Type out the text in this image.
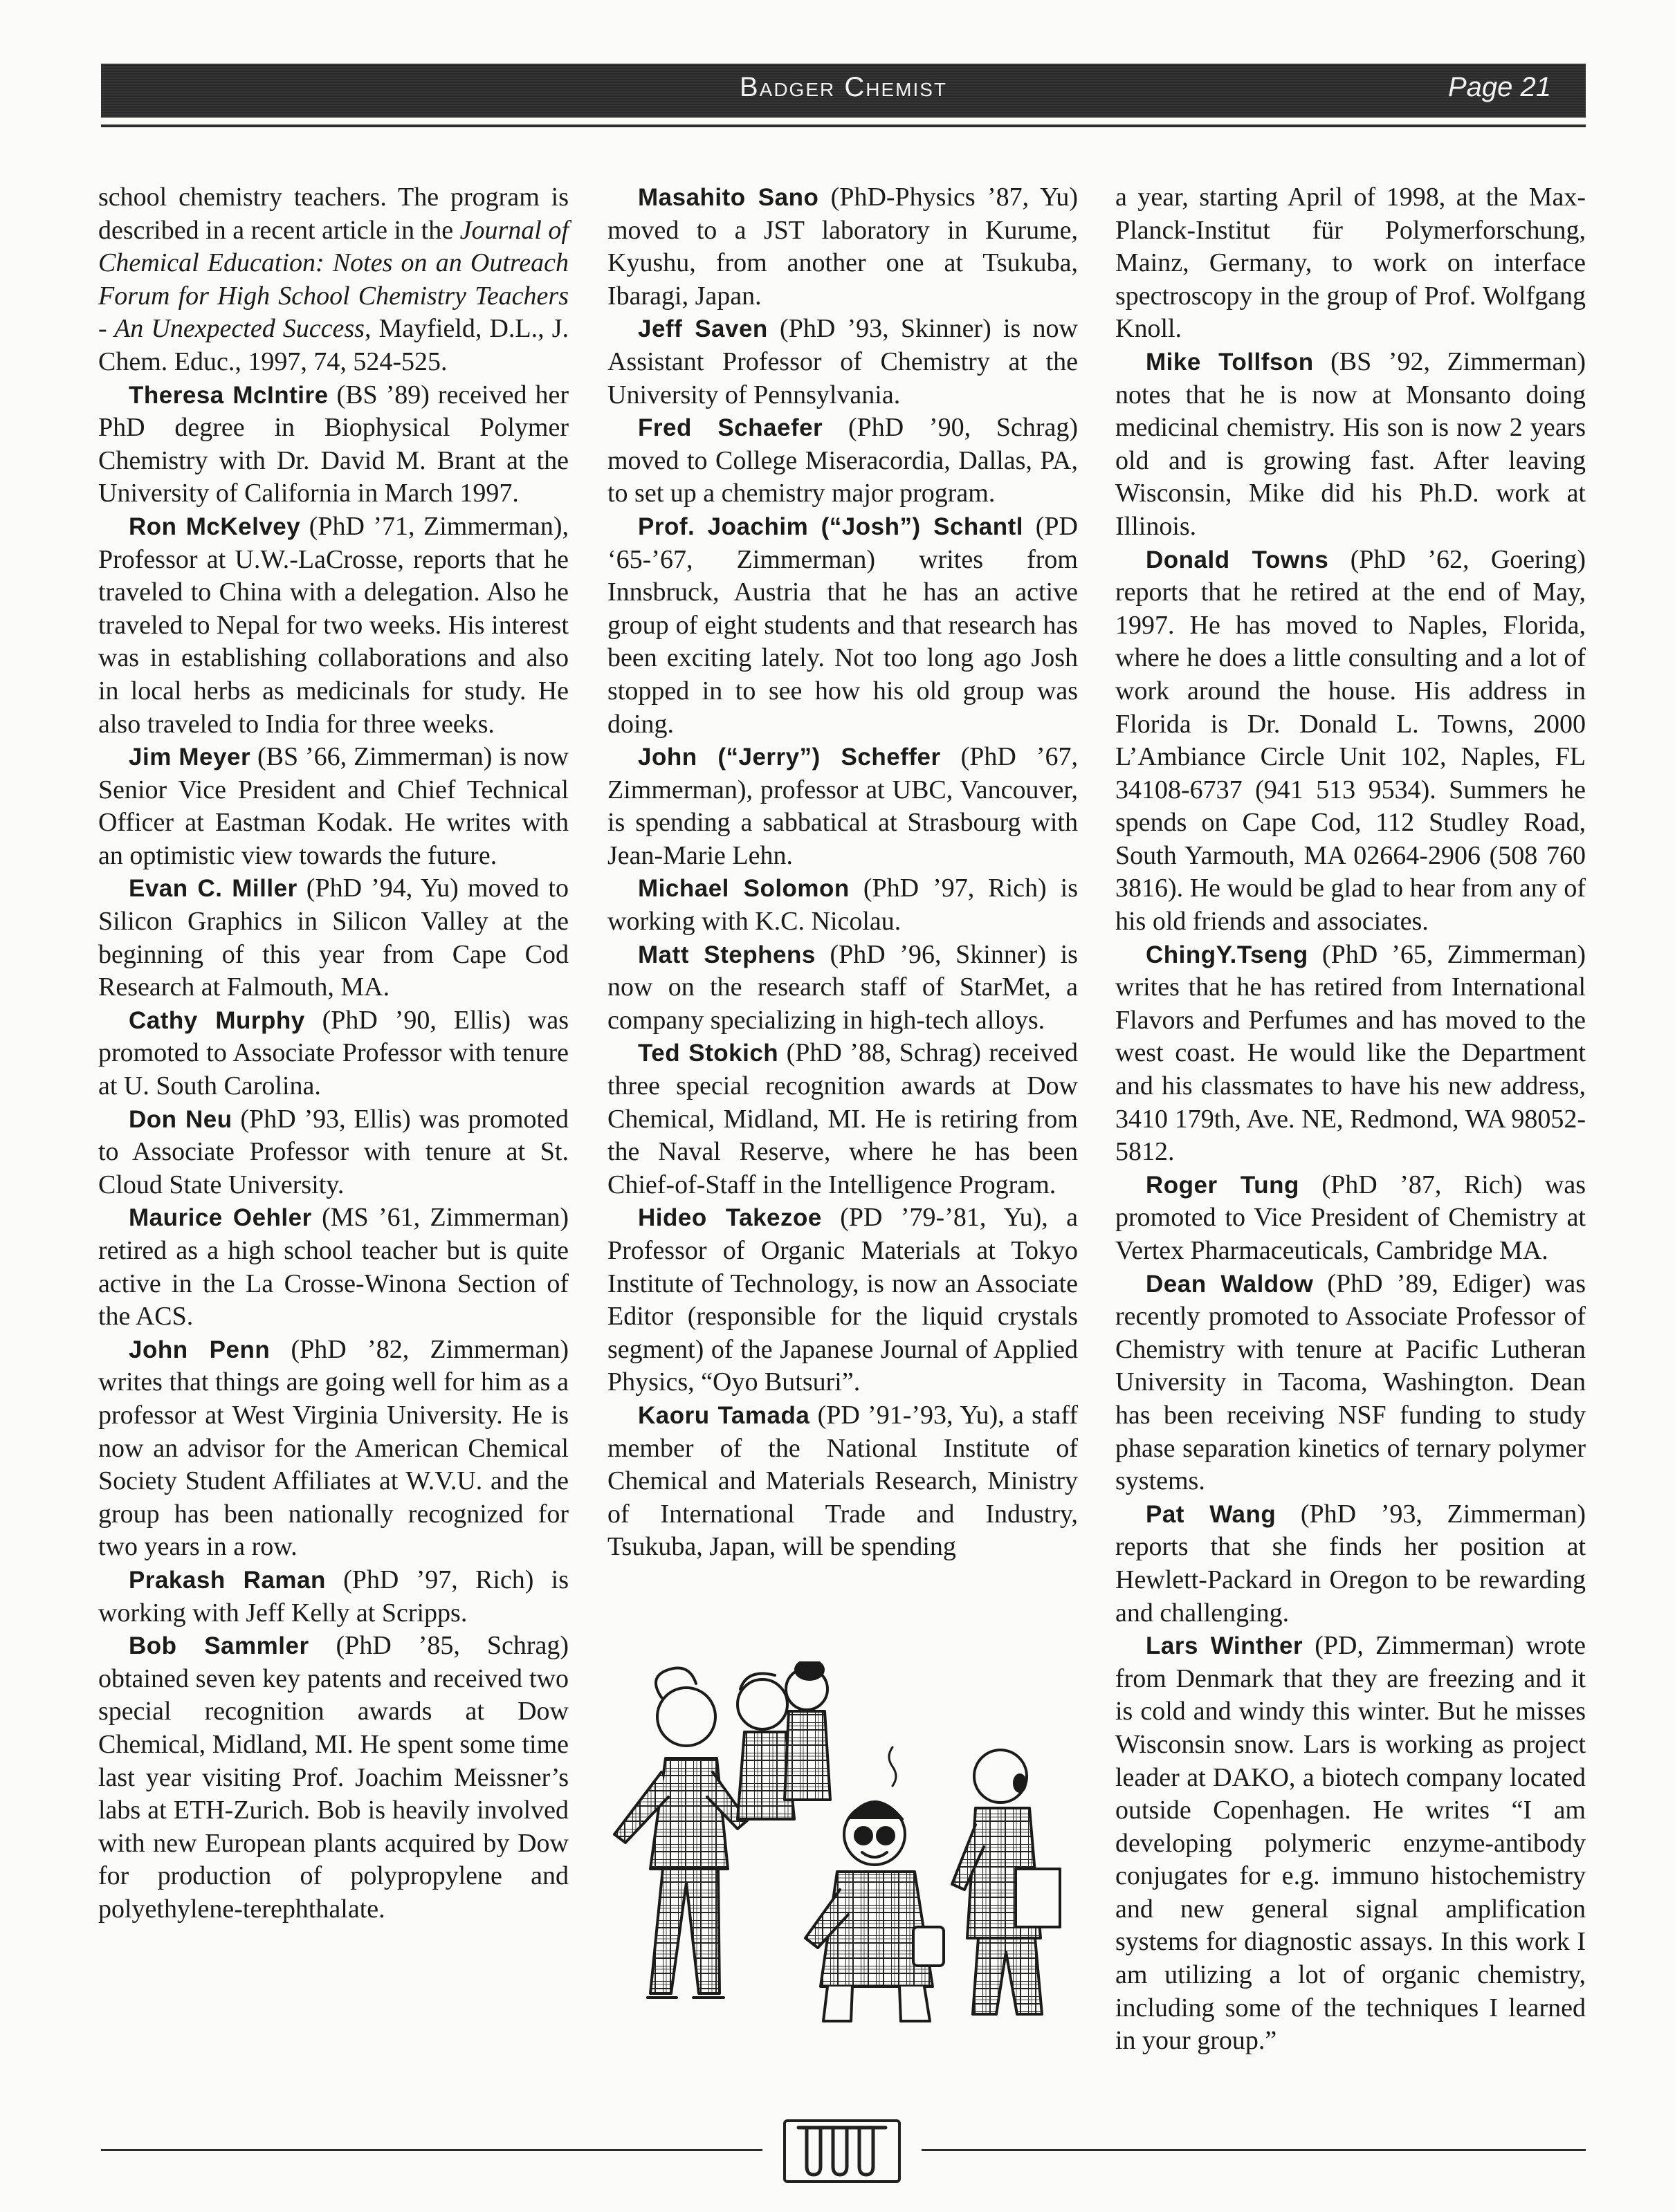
Badger Chemist	Page 21

school chemistry teachers. The program is described in a recent article in the Journal of Chemical Education: Notes on an Outreach Forum for High School Chemistry Teachers - An Unexpected Success, Mayfield, D.L., J. Chem. Educ., 1997, 74, 524-525.

Theresa McIntire (BS ’89) received her PhD degree in Biophysical Polymer Chemistry with Dr. David M. Brant at the University of California in March 1997.

Ron McKelvey (PhD ’71, Zimmerman), Professor at U.W.-LaCrosse, reports that he traveled to China with a delegation. Also he traveled to Nepal for two weeks. His interest was in establishing collaborations and also in local herbs as medicinals for study. He also traveled to India for three weeks.

Jim Meyer (BS ’66, Zimmerman) is now Senior Vice President and Chief Technical Officer at Eastman Kodak. He writes with an optimistic view towards the future.

Evan C. Miller (PhD ’94, Yu) moved to Silicon Graphics in Silicon Valley at the beginning of this year from Cape Cod Research at Falmouth, MA.

Cathy Murphy (PhD ’90, Ellis) was promoted to Associate Professor with tenure at U. South Carolina.

Don Neu (PhD ’93, Ellis) was promoted to Associate Professor with tenure at St. Cloud State University.

Maurice Oehler (MS ’61, Zimmerman) retired as a high school teacher but is quite active in the La Crosse-Winona Section of the ACS.

John Penn (PhD ’82, Zimmerman) writes that things are going well for him as a professor at West Virginia University. He is now an advisor for the American Chemical Society Student Affiliates at W.V.U. and the group has been nationally recognized for two years in a row.

Prakash Raman (PhD ’97, Rich) is working with Jeff Kelly at Scripps.

Bob Sammler (PhD ’85, Schrag) obtained seven key patents and received two special recognition awards at Dow Chemical, Midland, MI. He spent some time last year visiting Prof. Joachim Meissner’s labs at ETH-Zurich. Bob is heavily involved with new European plants acquired by Dow for production of polypropylene and polyethylene-terephthalate.

Masahito Sano (PhD-Physics ’87, Yu) moved to a JST laboratory in Kurume, Kyushu, from another one at Tsukuba, Ibaragi, Japan.

Jeff Saven (PhD ’93, Skinner) is now Assistant Professor of Chemistry at the University of Pennsylvania.

Fred Schaefer (PhD ’90, Schrag) moved to College Miseracordia, Dallas, PA, to set up a chemistry major program.

Prof. Joachim (“Josh”) Schantl (PD ‘65-’67, Zimmerman) writes from Innsbruck, Austria that he has an active group of eight students and that research has been exciting lately. Not too long ago Josh stopped in to see how his old group was doing.

John (“Jerry”) Scheffer (PhD ’67, Zimmerman), professor at UBC, Vancouver, is spending a sabbatical at Strasbourg with Jean-Marie Lehn.

Michael Solomon (PhD ’97, Rich) is working with K.C. Nicolau.

Matt Stephens (PhD ’96, Skinner) is now on the research staff of StarMet, a company specializing in high-tech alloys.

Ted Stokich (PhD ’88, Schrag) received three special recognition awards at Dow Chemical, Midland, MI. He is retiring from the Naval Reserve, where he has been Chief-of-Staff in the Intelligence Program.

Hideo Takezoe (PD ’79-’81, Yu), a Professor of Organic Materials at Tokyo Institute of Technology, is now an Associate Editor (responsible for the liquid crystals segment) of the Japanese Journal of Applied Physics, “Oyo Butsuri”.

Kaoru Tamada (PD ’91-’93, Yu), a staff member of the National Institute of Chemical and Materials Research, Ministry of International Trade and Industry, Tsukuba, Japan, will be spending

a year, starting April of 1998, at the Max-Planck-Institut für Polymerforschung, Mainz, Germany, to work on interface spectroscopy in the group of Prof. Wolfgang Knoll.

Mike Tollfson (BS ’92, Zimmerman) notes that he is now at Monsanto doing medicinal chemistry. His son is now 2 years old and is growing fast. After leaving Wisconsin, Mike did his Ph.D. work at Illinois.

Donald Towns (PhD ’62, Goering) reports that he retired at the end of May, 1997. He has moved to Naples, Florida, where he does a little consulting and a lot of work around the house. His address in Florida is Dr. Donald L. Towns, 2000 L’Ambiance Circle Unit 102, Naples, FL 34108-6737 (941 513 9534). Summers he spends on Cape Cod, 112 Studley Road, South Yarmouth, MA 02664-2906 (508 760 3816). He would be glad to hear from any of his old friends and associates.

ChingY.Tseng (PhD ’65, Zimmerman) writes that he has retired from International Flavors and Perfumes and has moved to the west coast. He would like the Department and his classmates to have his new address, 3410 179th, Ave. NE, Redmond, WA 98052-5812.

Roger Tung (PhD ’87, Rich) was promoted to Vice President of Chemistry at Vertex Pharmaceuticals, Cambridge MA.

Dean Waldow (PhD ’89, Ediger) was recently promoted to Associate Professor of Chemistry with tenure at Pacific Lutheran University in Tacoma, Washington. Dean has been receiving NSF funding to study phase separation kinetics of ternary polymer systems.

Pat Wang (PhD ’93, Zimmerman) reports that she finds her position at Hewlett-Packard in Oregon to be rewarding and challenging.

Lars Winther (PD, Zimmerman) wrote from Denmark that they are freezing and it is cold and windy this winter. But he misses Wisconsin snow. Lars is working as project leader at DAKO, a biotech company located outside Copenhagen. He writes “I am developing polymeric enzyme-antibody conjugates for e.g. immuno histochemistry and new general signal amplification systems for diagnostic assays. In this work I am utilizing a lot of organic chemistry, including some of the techniques I learned in your group.”
